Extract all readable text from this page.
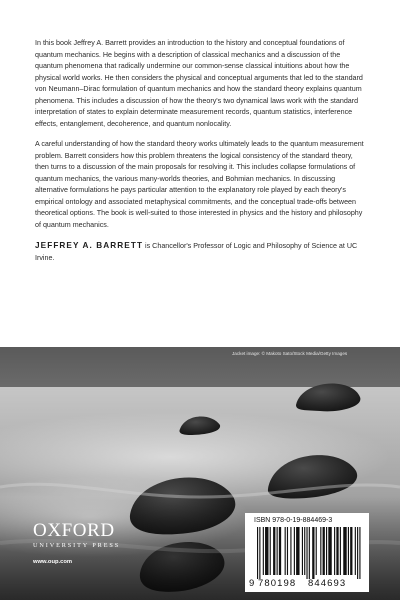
In this book Jeffrey A. Barrett provides an introduction to the history and conceptual foundations of quantum mechanics. He begins with a description of classical mechanics and a discussion of the quantum phenomena that radically undermine our common-sense classical intuitions about how the physical world works. He then considers the physical and conceptual arguments that led to the standard von Neumann–Dirac formulation of quantum mechanics and how the standard theory explains quantum phenomena. This includes a discussion of how the theory's two dynamical laws work with the standard interpretation of states to explain determinate measurement records, quantum statistics, interference effects, entanglement, decoherence, and quantum nonlocality.

A careful understanding of how the standard theory works ultimately leads to the quantum measurement problem. Barrett considers how this problem threatens the logical consistency of the standard theory, then turns to a discussion of the main proposals for resolving it. This includes collapse formulations of quantum mechanics, the various many-worlds theories, and Bohmian mechanics. In discussing alternative formulations he pays particular attention to the explanatory role played by each theory's empirical ontology and associated metaphysical commitments, and the conceptual trade-offs between theoretical options. The book is well-suited to those interested in physics and the history and philosophy of quantum mechanics.

JEFFREY A. BARRETT is Chancellor's Professor of Logic and Philosophy of Science at UC Irvine.

Jacket image: © Makoto Sato/Stock Media/Getty Images
OXFORD
UNIVERSITY PRESS
www.oup.com
ISBN 978-0-19-884469-3
9 780198	844693
